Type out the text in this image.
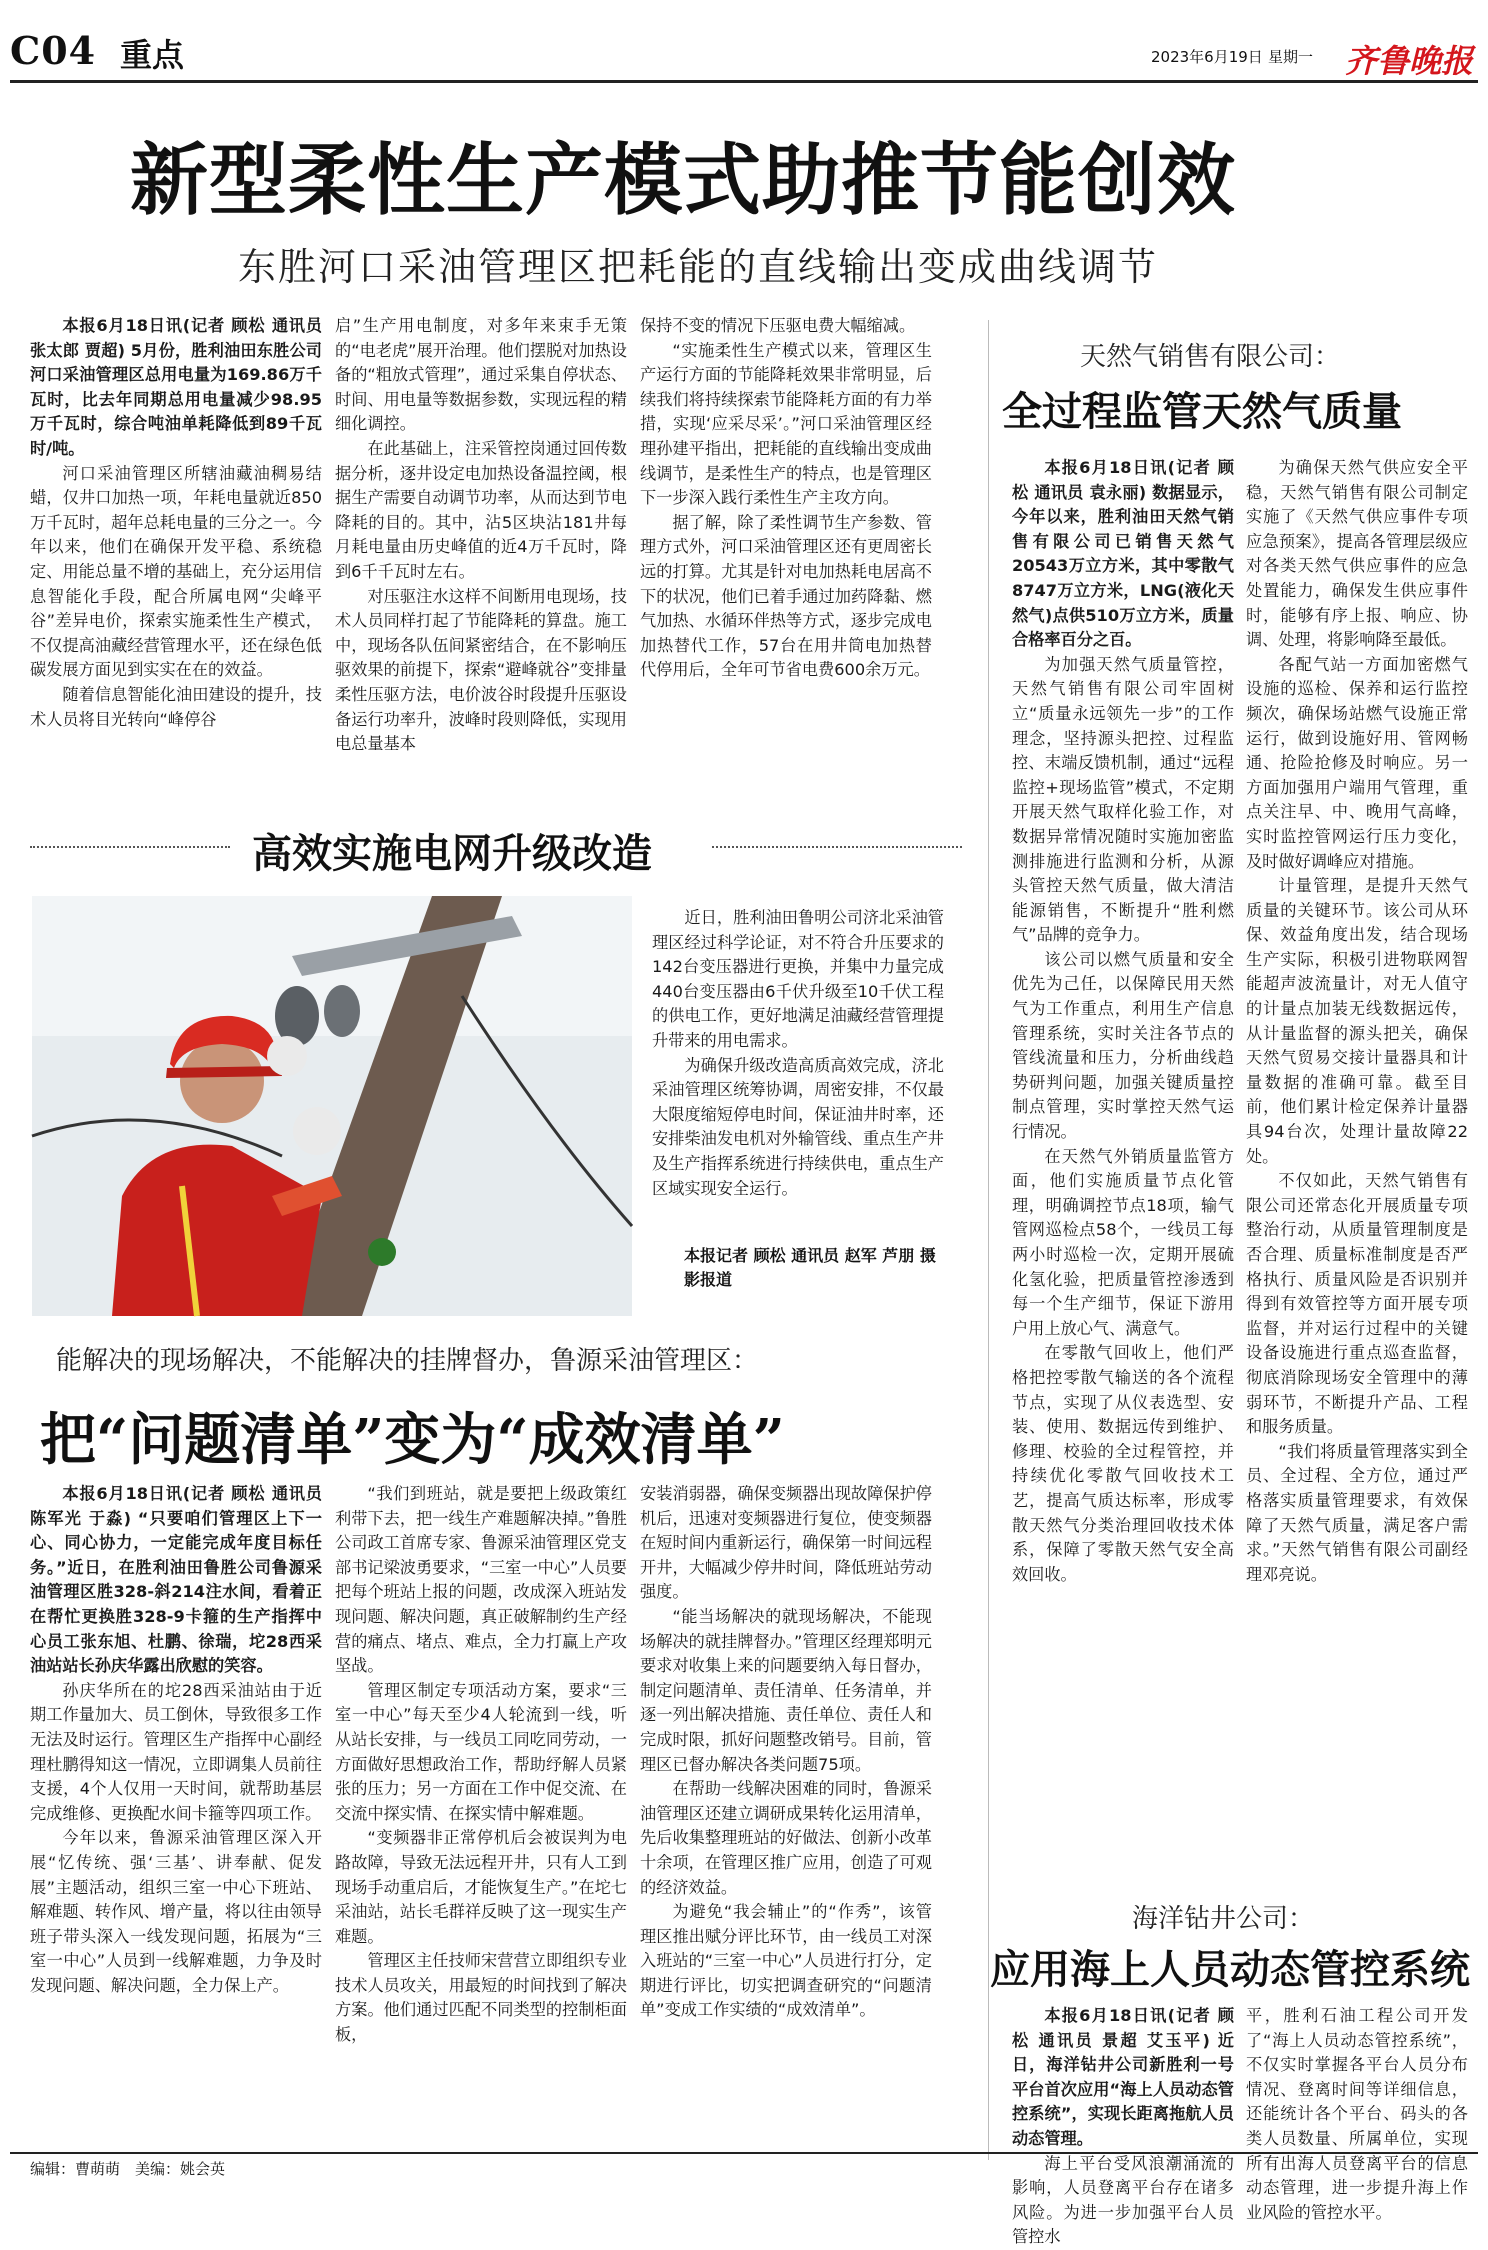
C04 重点	2023年6月19日 星期一 齐鲁晚报
新型柔性生产模式助推节能创效
东胜河口采油管理区把耗能的直线输出变成曲线调节

本报6月18日讯(记者 顾松 通讯员 张太郎 贾超) 5月份，胜利油田东胜公司河口采油管理区总用电量为169.86万千瓦时，比去年同期总用电量减少98.95万千瓦时，综合吨油单耗降低到89千瓦时/吨。

河口采油管理区所辖油藏油稠易结蜡，仅井口加热一项，年耗电量就近850万千瓦时，超年总耗电量的三分之一。今年以来，他们在确保开发平稳、系统稳定、用能总量不增的基础上，充分运用信息智能化手段，配合所属电网“尖峰平谷”差异电价，探索实施柔性生产模式，不仅提高油藏经营管理水平，还在绿色低碳发展方面见到实实在在的效益。

随着信息智能化油田建设的提升，技术人员将目光转向“峰停谷

启”生产用电制度，对多年来束手无策的“电老虎”展开治理。他们摆脱对加热设备的“粗放式管理”，通过采集自停状态、时间、用电量等数据参数，实现远程的精细化调控。

在此基础上，注采管控岗通过回传数据分析，逐井设定电加热设备温控阈，根据生产需要自动调节功率，从而达到节电降耗的目的。其中，沾5区块沾181井每月耗电量由历史峰值的近4万千瓦时，降到6千千瓦时左右。

对压驱注水这样不间断用电现场，技术人员同样打起了节能降耗的算盘。施工中，现场各队伍间紧密结合，在不影响压驱效果的前提下，探索“避峰就谷”变排量柔性压驱方法，电价波谷时段提升压驱设备运行功率升，波峰时段则降低，实现用电总量基本

保持不变的情况下压驱电费大幅缩减。

“实施柔性生产模式以来，管理区生产运行方面的节能降耗效果非常明显，后续我们将持续探索节能降耗方面的有力举措，实现‘应采尽采’。”河口采油管理区经理孙建平指出，把耗能的直线输出变成曲线调节，是柔性生产的特点，也是管理区下一步深入践行柔性生产主攻方向。

据了解，除了柔性调节生产参数、管理方式外，河口采油管理区还有更周密长远的打算。尤其是针对电加热耗电居高不下的状况，他们已着手通过加药降黏、燃气加热、水循环伴热等方式，逐步完成电加热替代工作，57台在用井筒电加热替代停用后，全年可节省电费600余万元。

高效实施电网升级改造

近日，胜利油田鲁明公司济北采油管理区经过科学论证，对不符合升压要求的142台变压器进行更换，并集中力量完成440台变压器由6千伏升级至10千伏工程的供电工作，更好地满足油藏经营管理提升带来的用电需求。

为确保升级改造高质高效完成，济北采油管理区统筹协调，周密安排，不仅最大限度缩短停电时间，保证油井时率，还安排柴油发电机对外输管线、重点生产井及生产指挥系统进行持续供电，重点生产区域实现安全运行。

本报记者 顾松 通讯员 赵军 芦朋 摄影报道
能解决的现场解决，不能解决的挂牌督办，鲁源采油管理区：
把“问题清单”变为“成效清单”

本报6月18日讯(记者 顾松 通讯员 陈军光 于淼) “只要咱们管理区上下一心、同心协力，一定能完成年度目标任务。”近日，在胜利油田鲁胜公司鲁源采油管理区胜328-斜214注水间，看着正在帮忙更换胜328-9卡箍的生产指挥中心员工张东旭、杜鹏、徐瑞，坨28西采油站站长孙庆华露出欣慰的笑容。

孙庆华所在的坨28西采油站由于近期工作量加大、员工倒休，导致很多工作无法及时运行。管理区生产指挥中心副经理杜鹏得知这一情况，立即调集人员前往支援，4个人仅用一天时间，就帮助基层完成维修、更换配水间卡箍等四项工作。

今年以来，鲁源采油管理区深入开展“忆传统、强‘三基’、讲奉献、促发展”主题活动，组织三室一中心下班站、解难题、转作风、增产量，将以往由领导班子带头深入一线发现问题，拓展为“三室一中心”人员到一线解难题，力争及时发现问题、解决问题，全力保上产。

“我们到班站，就是要把上级政策红利带下去，把一线生产难题解决掉。”鲁胜公司政工首席专家、鲁源采油管理区党支部书记梁波勇要求，“三室一中心”人员要把每个班站上报的问题，改成深入班站发现问题、解决问题，真正破解制约生产经营的痛点、堵点、难点，全力打赢上产攻坚战。

管理区制定专项活动方案，要求“三室一中心”每天至少4人轮流到一线，听从站长安排，与一线员工同吃同劳动，一方面做好思想政治工作，帮助纾解人员紧张的压力；另一方面在工作中促交流、在交流中探实情、在探实情中解难题。

“变频器非正常停机后会被误判为电路故障，导致无法远程开井，只有人工到现场手动重启后，才能恢复生产。”在坨七采油站，站长毛群祥反映了这一现实生产难题。

管理区主任技师宋营营立即组织专业技术人员攻关，用最短的时间找到了解决方案。他们通过匹配不同类型的控制柜面板，

安装消弱器，确保变频器出现故障保护停机后，迅速对变频器进行复位，使变频器在短时间内重新运行，确保第一时间远程开井，大幅减少停井时间，降低班站劳动强度。

“能当场解决的就现场解决，不能现场解决的就挂牌督办。”管理区经理郑明元要求对收集上来的问题要纳入每日督办，制定问题清单、责任清单、任务清单，并逐一列出解决措施、责任单位、责任人和完成时限，抓好问题整改销号。目前，管理区已督办解决各类问题75项。

在帮助一线解决困难的同时，鲁源采油管理区还建立调研成果转化运用清单，先后收集整理班站的好做法、创新小改革十余项，在管理区推广应用，创造了可观的经济效益。

为避免“我会辅止”的“作秀”，该管理区推出赋分评比环节，由一线员工对深入班站的“三室一中心”人员进行打分，定期进行评比，切实把调查研究的“问题清单”变成工作实绩的“成效清单”。

天然气销售有限公司：
全过程监管天然气质量

本报6月18日讯(记者 顾松 通讯员 袁永丽) 数据显示，今年以来，胜利油田天然气销售有限公司已销售天然气20543万立方米，其中零散气8747万立方米，LNG(液化天然气)点供510万立方米，质量合格率百分之百。

为加强天然气质量管控，天然气销售有限公司牢固树立“质量永远领先一步”的工作理念，坚持源头把控、过程监控、末端反馈机制，通过“远程监控+现场监管”模式，不定期开展天然气取样化验工作，对数据异常情况随时实施加密监测排施进行监测和分析，从源头管控天然气质量，做大清洁能源销售，不断提升“胜利燃气”品牌的竞争力。

该公司以燃气质量和安全优先为己任，以保障民用天然气为工作重点，利用生产信息管理系统，实时关注各节点的管线流量和压力，分析曲线趋势研判问题，加强关键质量控制点管理，实时掌控天然气运行情况。

在天然气外销质量监管方面，他们实施质量节点化管理，明确调控节点18项，输气管网巡检点58个，一线员工每两小时巡检一次，定期开展硫化氢化验，把质量管控渗透到每一个生产细节，保证下游用户用上放心气、满意气。

在零散气回收上，他们严格把控零散气输送的各个流程节点，实现了从仪表选型、安装、使用、数据远传到维护、修理、校验的全过程管控，并持续优化零散气回收技术工艺，提高气质达标率，形成零散天然气分类治理回收技术体系，保障了零散天然气安全高效回收。

为确保天然气供应安全平稳，天然气销售有限公司制定实施了《天然气供应事件专项应急预案》，提高各管理层级应对各类天然气供应事件的应急处置能力，确保发生供应事件时，能够有序上报、响应、协调、处理，将影响降至最低。

各配气站一方面加密燃气设施的巡检、保养和运行监控频次，确保场站燃气设施正常运行，做到设施好用、管网畅通、抢险抢修及时响应。另一方面加强用户端用气管理，重点关注早、中、晚用气高峰，实时监控管网运行压力变化，及时做好调峰应对措施。

计量管理，是提升天然气质量的关键环节。该公司从环保、效益角度出发，结合现场生产实际，积极引进物联网智能超声波流量计，对无人值守的计量点加装无线数据远传，从计量监督的源头把关，确保天然气贸易交接计量器具和计量数据的准确可靠。截至目前，他们累计检定保养计量器具94台次，处理计量故障22处。

不仅如此，天然气销售有限公司还常态化开展质量专项整治行动，从质量管理制度是否合理、质量标准制度是否严格执行、质量风险是否识别并得到有效管控等方面开展专项监督，并对运行过程中的关键设备设施进行重点巡查监督，彻底消除现场安全管理中的薄弱环节，不断提升产品、工程和服务质量。

“我们将质量管理落实到全员、全过程、全方位，通过严格落实质量管理要求，有效保障了天然气质量，满足客户需求。”天然气销售有限公司副经理邓亮说。

海洋钻井公司：
应用海上人员动态管控系统

本报6月18日讯(记者 顾松 通讯员 景超 艾玉平) 近日，海洋钻井公司新胜利一号平台首次应用“海上人员动态管控系统”，实现长距离拖航人员动态管理。

海上平台受风浪潮涌流的影响，人员登离平台存在诸多风险。为进一步加强平台人员管控水

平，胜利石油工程公司开发了“海上人员动态管控系统”，不仅实时掌握各平台人员分布情况、登离时间等详细信息，还能统计各个平台、码头的各类人员数量、所属单位，实现所有出海人员登离平台的信息动态管理，进一步提升海上作业风险的管控水平。

编辑：曹萌萌　美编：姚会英
